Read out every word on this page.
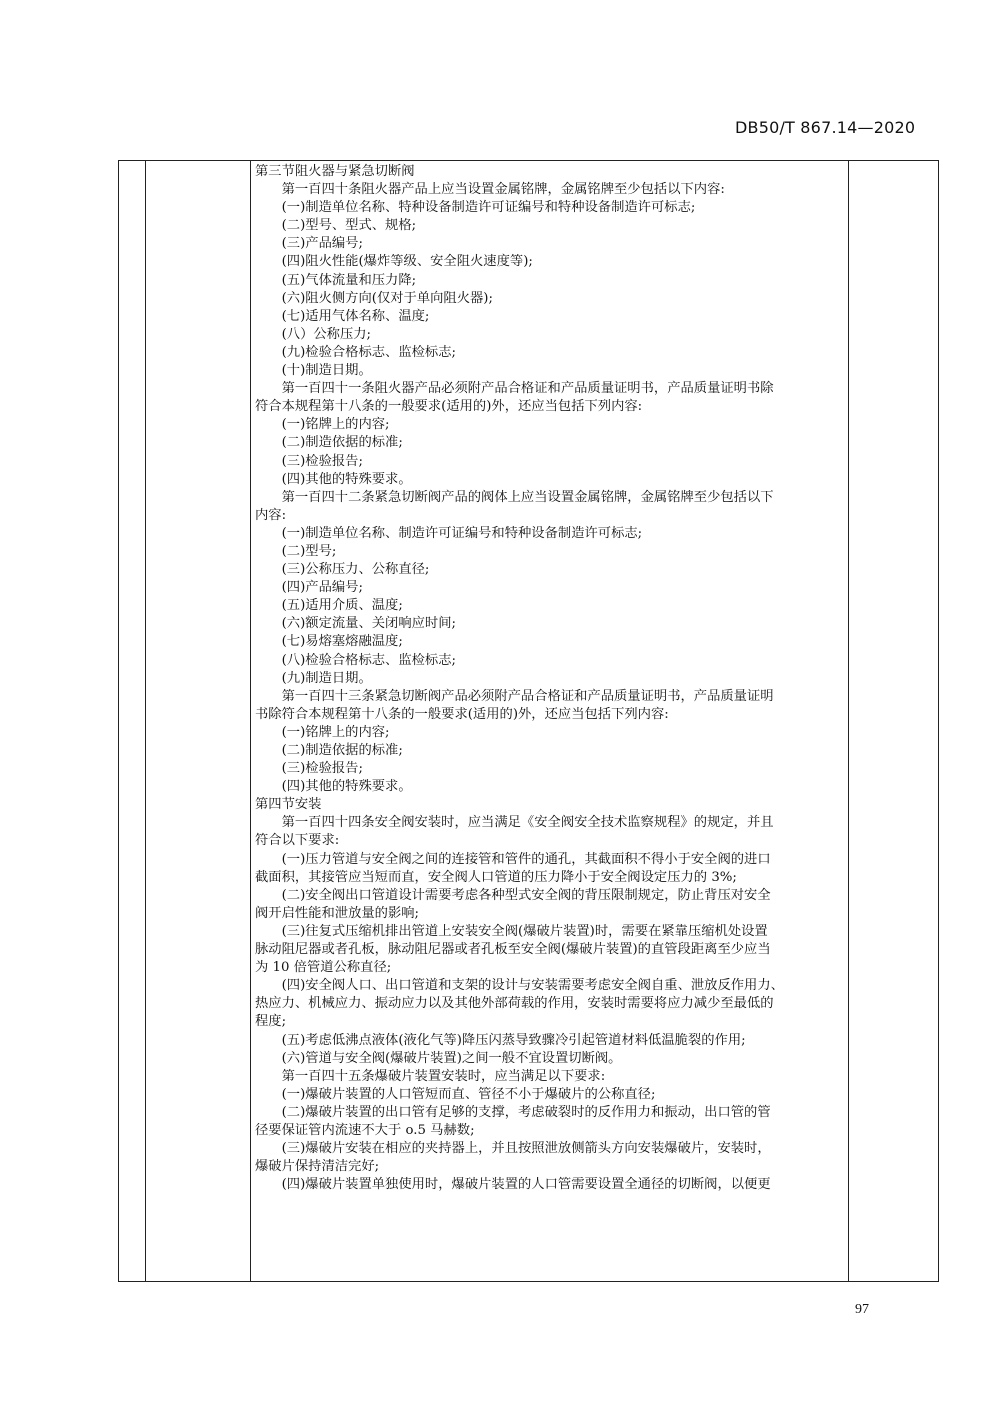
DB50/T 867.14—2020

第三节阻火器与紧急切断阀

　　第一百四十条阻火器产品上应当设置金属铭牌，金属铭牌至少包括以下内容:

　　(一)制造单位名称、特种设备制造许可证编号和特种设备制造许可标志;

　　(二)型号、型式、规格;

　　(三)产品编号;

　　(四)阻火性能(爆炸等级、安全阻火速度等);

　　(五)气体流量和压力降;

　　(六)阻火侧方向(仅对于单向阻火器);

　　(七)适用气体名称、温度;

　　(八）公称压力;

　　(九)检验合格标志、监检标志;

　　(十)制造日期。

　　第一百四十一条阻火器产品必须附产品合格证和产品质量证明书，产品质量证明书除

符合本规程第十八条的一般要求(适用的)外，还应当包括下列内容:

　　(一)铭牌上的内容;

　　(二)制造依据的标准;

　　(三)检验报告;

　　(四)其他的特殊要求。

　　第一百四十二条紧急切断阀产品的阀体上应当设置金属铭牌，金属铭牌至少包括以下

内容:

　　(一)制造单位名称、制造许可证编号和特种设备制造许可标志;

　　(二)型号;

　　(三)公称压力、公称直径;

　　(四)产品编号;

　　(五)适用介质、温度;

　　(六)额定流量、关闭响应时间;

　　(七)易熔塞熔融温度;

　　(八)检验合格标志、监检标志;

　　(九)制造日期。

　　第一百四十三条紧急切断阀产品必须附产品合格证和产品质量证明书，产品质量证明

书除符合本规程第十八条的一般要求(适用的)外，还应当包括下列内容:

　　(一)铭牌上的内容;

　　(二)制造依据的标准;

　　(三)检验报告;

　　(四)其他的特殊要求。

第四节安装

　　第一百四十四条安全阀安装时，应当满足《安全阀安全技术监察规程》的规定，并且

符合以下要求:

　　(一)压力管道与安全阀之间的连接管和管件的通孔，其截面积不得小于安全阀的进口

截面积，其接管应当短而直，安全阀人口管道的压力降小于安全阀设定压力的 3%;

　　(二)安全阀出口管道设计需要考虑各种型式安全阀的背压限制规定，防止背压对安全

阀开启性能和泄放量的影响;

　　(三)往复式压缩机排出管道上安装安全阀(爆破片装置)时，需要在紧靠压缩机处设置

脉动阻尼器或者孔板，脉动阻尼器或者孔板至安全阀(爆破片装置)的直管段距离至少应当

为 10 倍管道公称直径;

　　(四)安全阀人口、出口管道和支架的设计与安装需要考虑安全阀自重、泄放反作用力、

热应力、机械应力、振动应力以及其他外部荷载的作用，安装时需要将应力减少至最低的

程度;

　　(五)考虑低沸点液体(液化气等)降压闪蒸导致骤冷引起管道材料低温脆裂的作用;

　　(六)管道与安全阀(爆破片装置)之间一般不宜设置切断阀。

　　第一百四十五条爆破片装置安装时，应当满足以下要求:

　　(一)爆破片装置的人口管短而直、管径不小于爆破片的公称直径;

　　(二)爆破片装置的出口管有足够的支撑，考虑破裂时的反作用力和振动，出口管的管

径要保证管内流速不大于 o.5 马赫数;

　　(三)爆破片安装在相应的夹持器上，并且按照泄放侧箭头方向安装爆破片，安装时，

爆破片保持清洁完好;

　　(四)爆破片装置单独使用时，爆破片装置的人口管需要设置全通径的切断阀，以便更

97
